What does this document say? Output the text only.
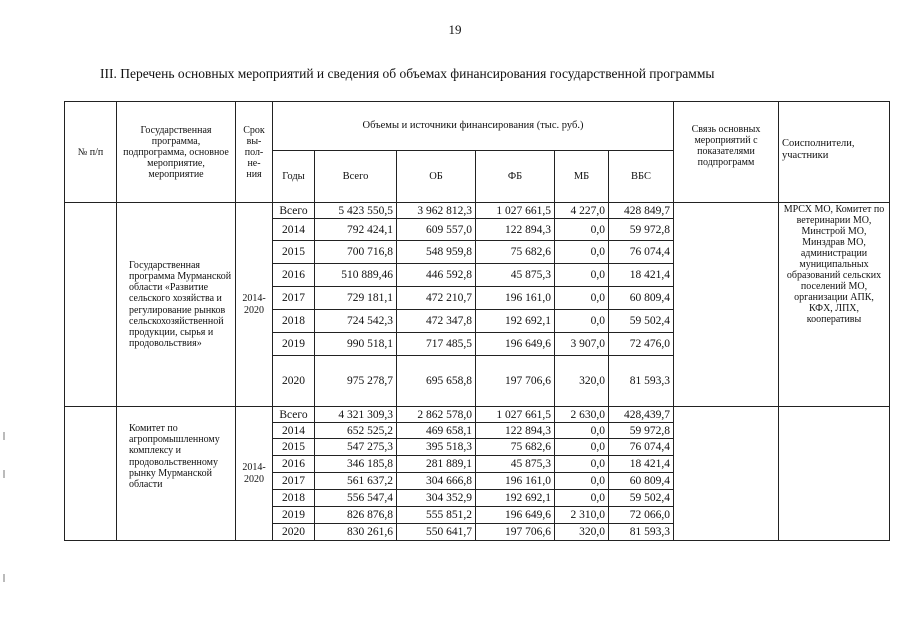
19
III. Перечень основных мероприятий и сведения об объемах финансирования государственной программы
№ п/п	Государственная программа, подпрограмма, основное мероприятие, мероприятие	Срок вы- пол- не- ния	Объемы и источники финансирования (тыс. руб.)						Связь основных мероприятий с показателями подпрограмм	Соисполнители, участники
			Годы	Всего	ОБ	ФБ	МБ	ВБС		
	Государственная программа Мурманской области «Развитие сельского хозяйства и регулирование рынков сельскохозяйственной продукции, сырья и продовольствия»	2014-2020	Всего	5 423 550,5	3 962 812,3	1 027 661,5	4 227,0	428 849,7		МРСХ МО, Комитет по ветеринарии МО, Минстрой МО, Минздрав МО, администрации муниципальных образований сельских поселений МО, организации АПК, КФХ, ЛПХ, кооперативы
			2014	792 424,1	609 557,0	122 894,3	0,0	59 972,8		
			2015	700 716,8	548 959,8	75 682,6	0,0	76 074,4		
			2016	510 889,46	446 592,8	45 875,3	0,0	18 421,4		
			2017	729 181,1	472 210,7	196 161,0	0,0	60 809,4		
			2018	724 542,3	472 347,8	192 692,1	0,0	59 502,4		
			2019	990 518,1	717 485,5	196 649,6	3 907,0	72 476,0		
			2020	975 278,7	695 658,8	197 706,6	320,0	81 593,3		
	Комитет по агропромышленному комплексу и продовольственному рынку Мурманской области	2014-2020	Всего	4 321 309,3	2 862 578,0	1 027 661,5	2 630,0	428,439,7		
			2014	652 525,2	469 658,1	122 894,3	0,0	59 972,8		
			2015	547 275,3	395 518,3	75 682,6	0,0	76 074,4		
			2016	346 185,8	281 889,1	45 875,3	0,0	18 421,4		
			2017	561 637,2	304 666,8	196 161,0	0,0	60 809,4		
			2018	556 547,4	304 352,9	192 692,1	0,0	59 502,4		
			2019	826 876,8	555 851,2	196 649,6	2 310,0	72 066,0		
			2020	830 261,6	550 641,7	197 706,6	320,0	81 593,3		
